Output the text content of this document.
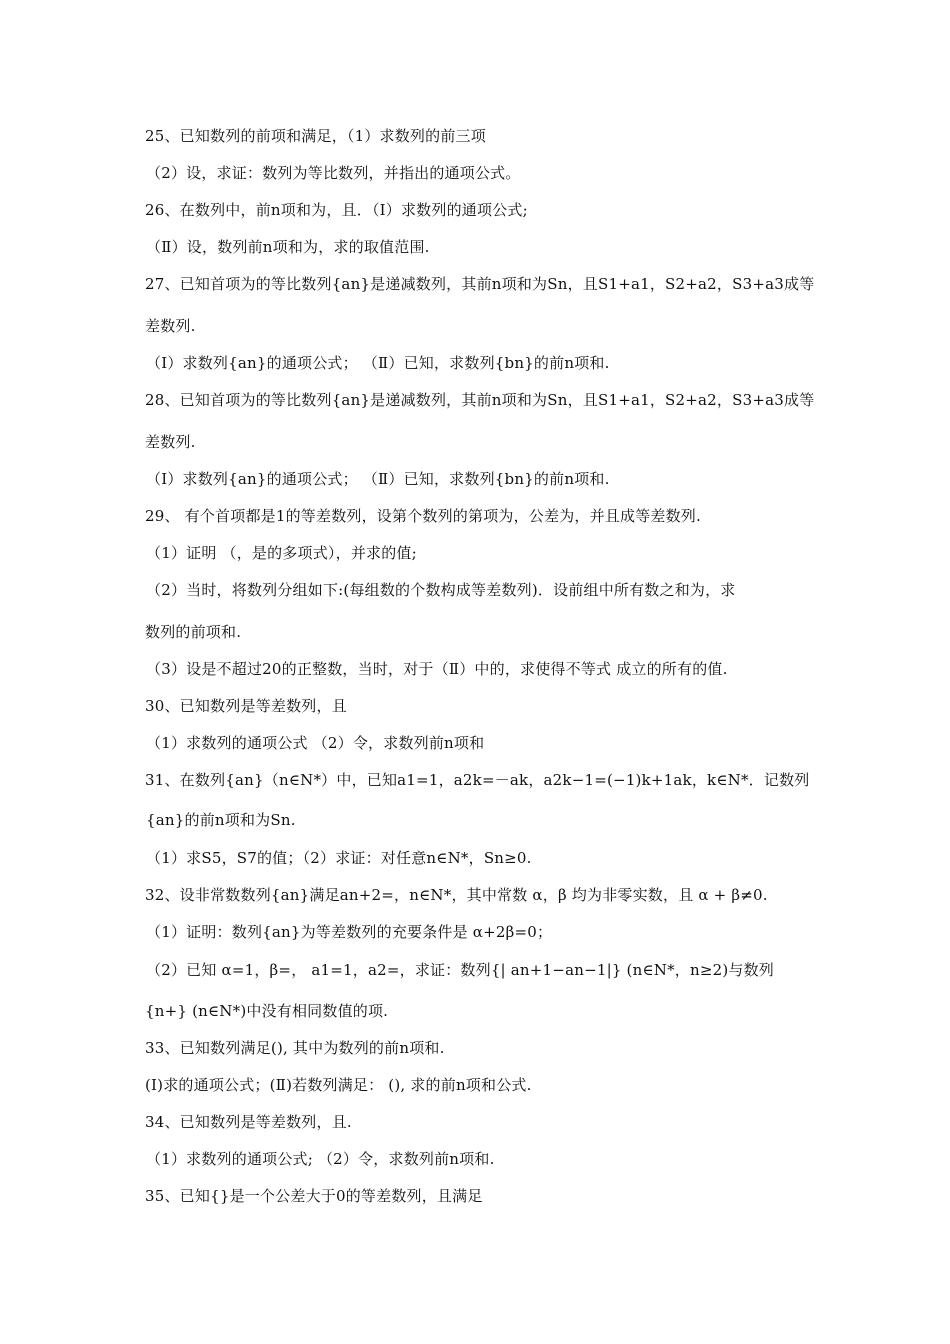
25、已知数列的前项和满足，（1）求数列的前三项
（2）设，求证：数列为等比数列，并指出的通项公式。
26、在数列中，前n项和为，且．（Ⅰ）求数列的通项公式;
（Ⅱ）设，数列前n项和为，求的取值范围.
27、已知首项为的等比数列{an}是递减数列，其前n项和为Sn，且S1+a1，S2+a2，S3+a3成等
差数列.
（Ⅰ）求数列{an}的通项公式； （Ⅱ）已知，求数列{bn}的前n项和.
28、已知首项为的等比数列{an}是递减数列，其前n项和为Sn，且S1+a1，S2+a2，S3+a3成等
差数列.
（Ⅰ）求数列{an}的通项公式； （Ⅱ）已知，求数列{bn}的前n项和.
29、 有个首项都是1的等差数列，设第个数列的第项为，公差为，并且成等差数列.
（1）证明 （，是的多项式），并求的值;
（2）当时，将数列分组如下:(每组数的个数构成等差数列)．设前组中所有数之和为，求
数列的前项和.
（3）设是不超过20的正整数，当时，对于（Ⅱ）中的，求使得不等式 成立的所有的值.
30、已知数列是等差数列，且
（1）求数列的通项公式 （2）令，求数列前n项和
31、在数列{an}（n∈N*）中，已知a1=1，a2k=－ak，a2k−1=(−1)k+1ak，k∈N*．记数列
{an}的前n项和为Sn.
（1）求S5，S7的值；（2）求证：对任意n∈N*，Sn≥0.
32、设非常数数列{an}满足an+2=，n∈N*，其中常数 α，β 均为非零实数，且 α + β≠0.
（1）证明：数列{an}为等差数列的充要条件是 α+2β=0；
（2）已知 α=1，β=， a1=1，a2=，求证：数列{| an+1−an−1|} (n∈N*，n≥2)与数列
{n+} (n∈N*)中没有相同数值的项.
33、已知数列满足(), 其中为数列的前n项和.
(Ⅰ)求的通项公式；(Ⅱ)若数列满足： (), 求的前n项和公式.
34、已知数列是等差数列，且.
（1）求数列的通项公式; （2）令，求数列前n项和.
35、已知{}是一个公差大于0的等差数列，且满足
